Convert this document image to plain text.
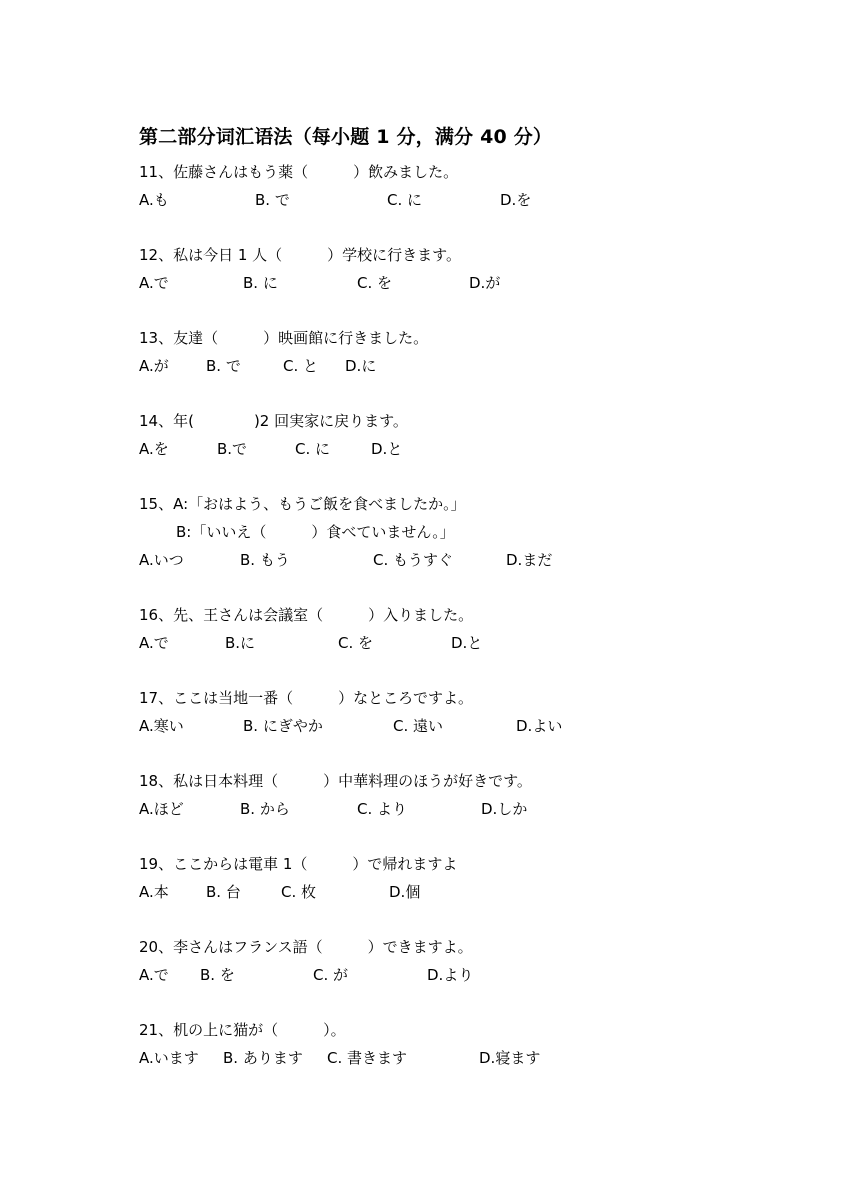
第二部分词汇语法（每小题 1 分，满分 40 分）
11、佐藤さんはもう薬（　　　）飲みました。
A.も	B. で	C. に	D.を
12、私は今日 1 人（　　　）学校に行きます。
A.で	B. に	C. を	D.が
13、友達（　　　）映画館に行きました。
A.が B. で	C. と D.に
14、年(　　　　)2 回実家に戻ります。
A.を	B.で	C. に	D.と
15、A:「おはよう、もうご飯を食べましたか。」
B:「いいえ（　　　）食べていません。」
A.いつ	B. もう	C. もうすぐ	D.まだ
16、先、王さんは会議室（　　　）入りました。
A.で	B.に	C. を	D.と
17、ここは当地一番（　　　）なところですよ。
A.寒い	B. にぎやか	C. 遠い	D.よい
18、私は日本料理（　　　）中華料理のほうが好きです。
A.ほど	B. から	C. より	D.しか
19、ここからは電車 1（　　　）で帰れますよ
A.本 B. 台	C. 枚	D.個
20、李さんはフランス語（　　　）できますよ。
A.で B. を	C. が	D.より
21、机の上に猫が（　　　）。
A.います B. あります C. 書きます	D.寝ます
